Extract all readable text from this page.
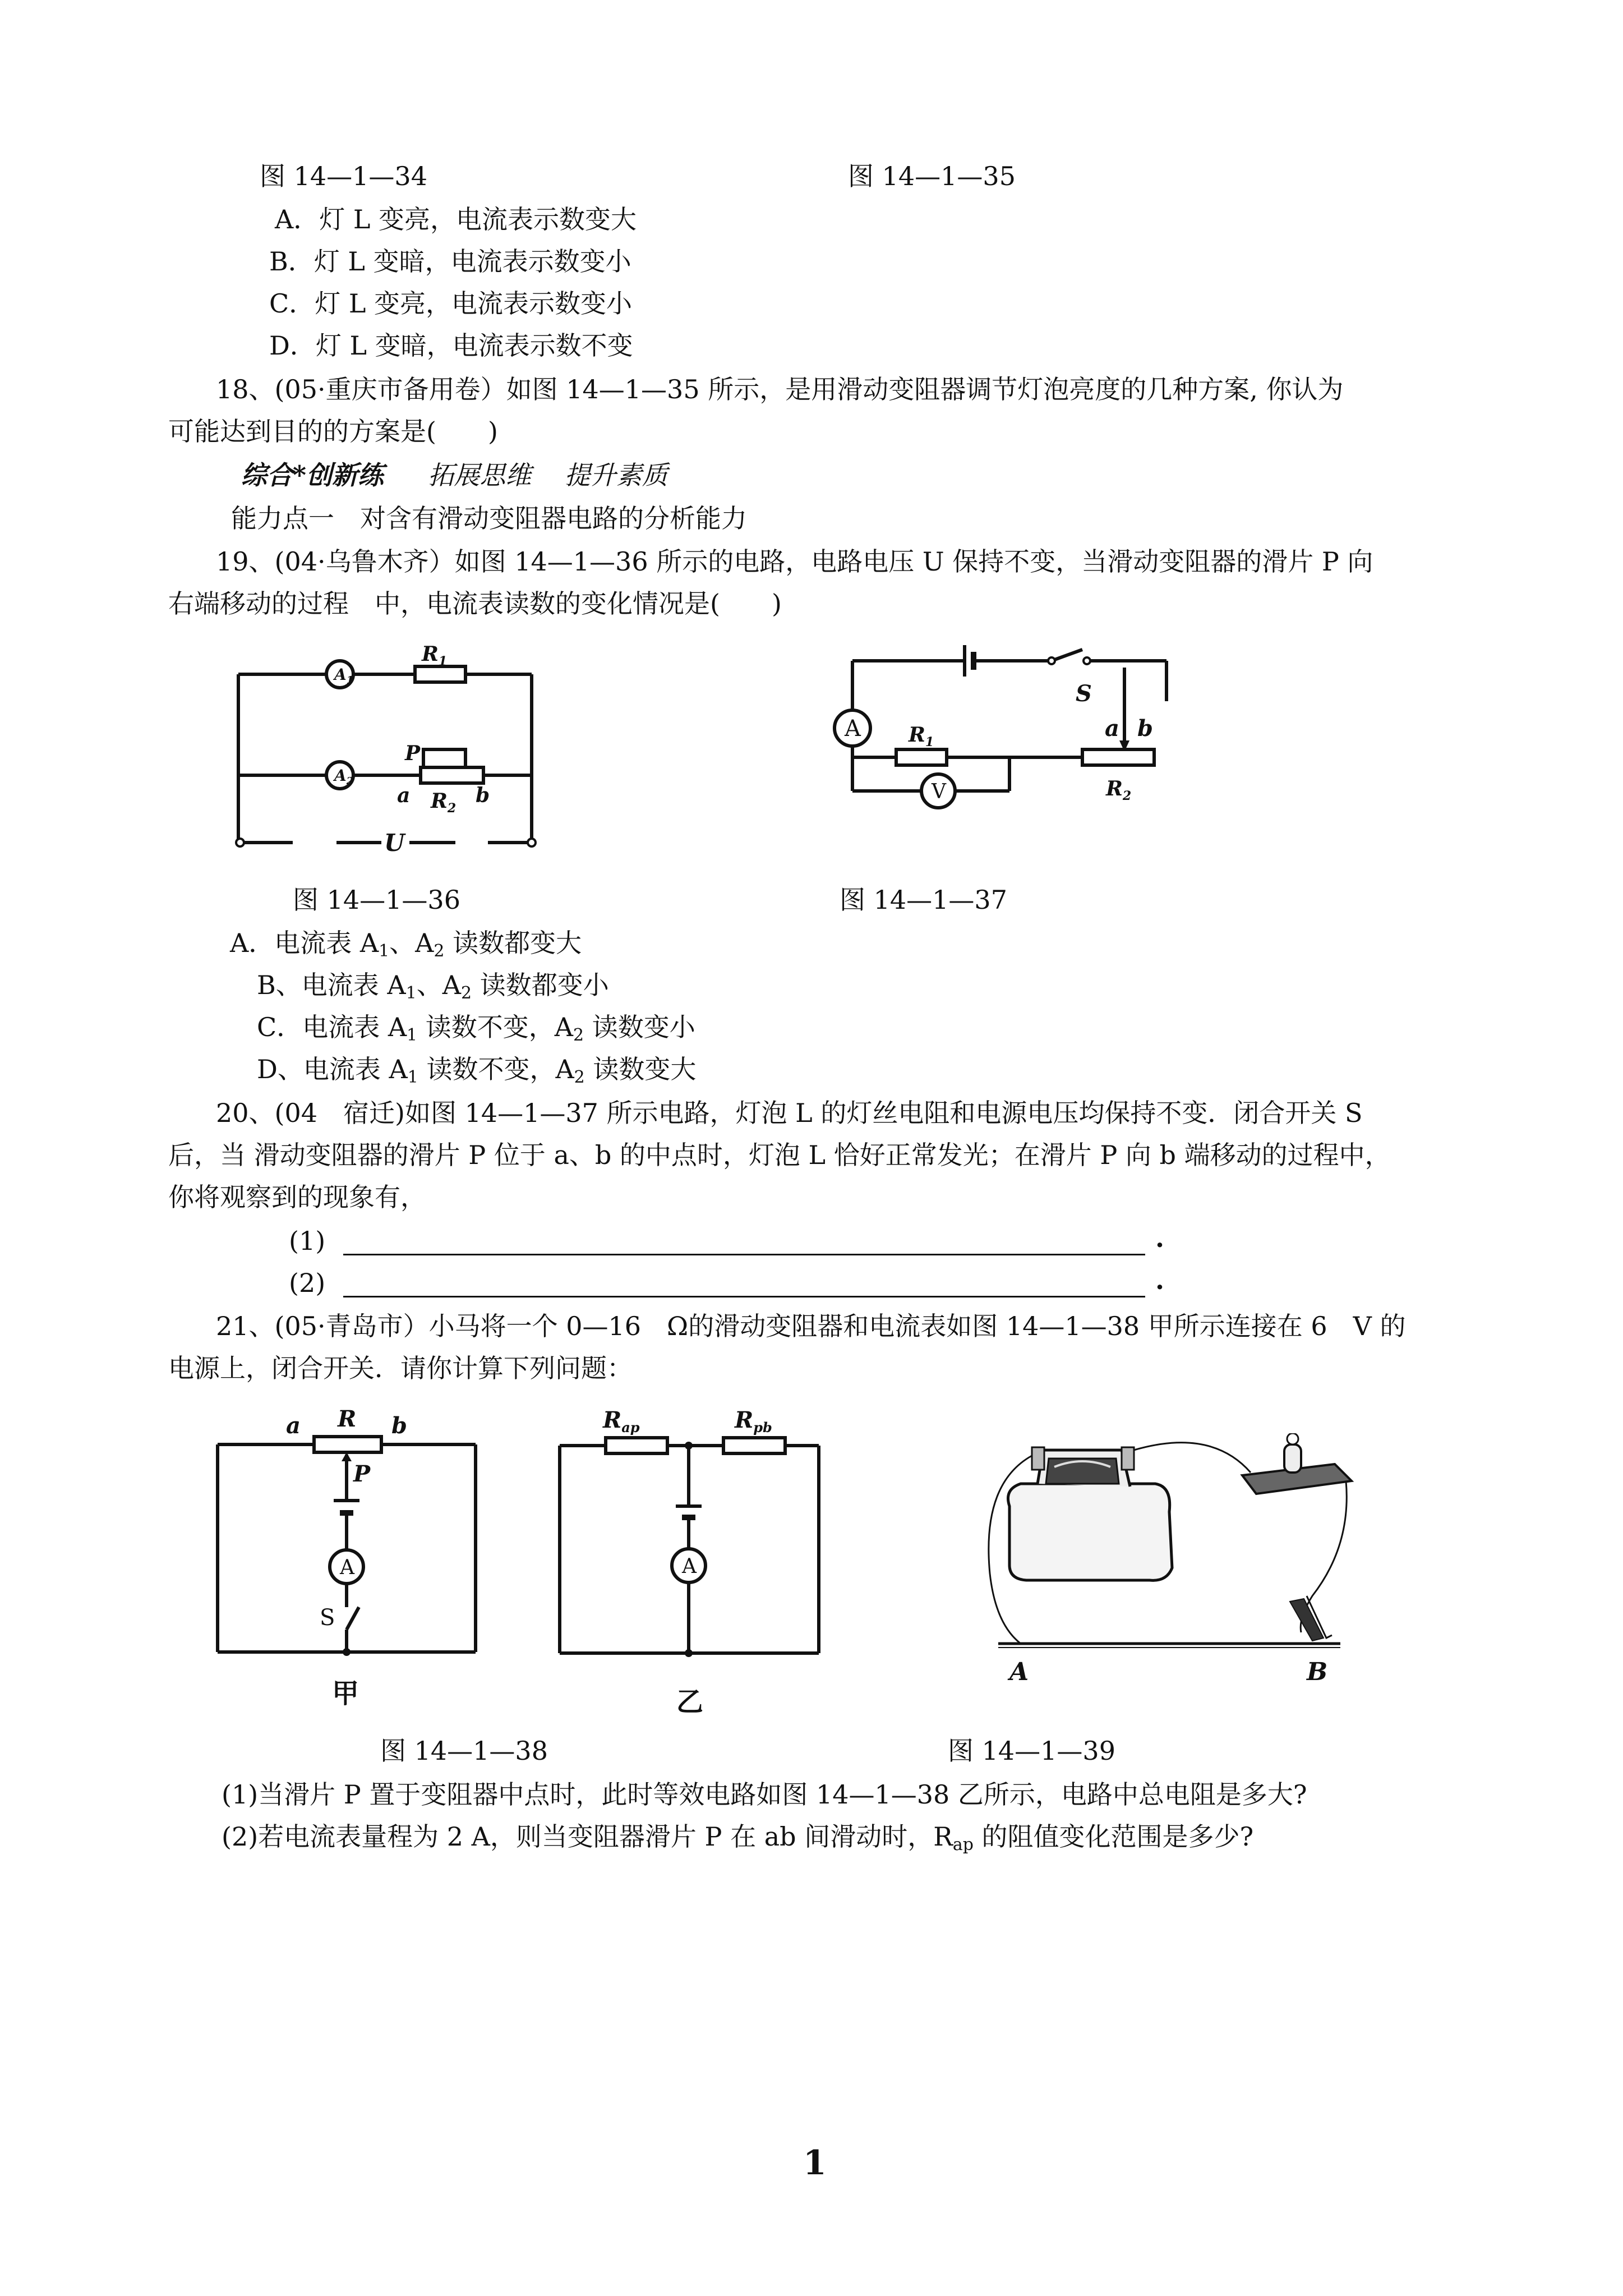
图 14—1—34	图 14—1—35
A．灯 L 变亮，电流表示数变大
B．灯 L 变暗，电流表示数变小
C．灯 L 变亮，电流表示数变小
D．灯 L 变暗，电流表示数不变
18、(05·重庆市备用卷）如图 14—1—35 所示，是用滑动变阻器调节灯泡亮度的几种方案, 你认为
可能达到目的的方案是(　　)
综合*创新练 拓展思维 提升素质
能力点一　对含有滑动变阻器电路的分析能力
19、(04·乌鲁木齐）如图 14—1—36 所示的电路，电路电压 U 保持不变，当滑动变阻器的滑片 P 向
右端移动的过程　中，电流表读数的变化情况是(　　)
$A_1$
$A_2$
$R_1$
$R_2$
P
a	b
U
A
V
S
a b
$R_1$
$R_2$
图 14—1—36	图 14—1—37
A．电流表 $A_1$、$A_2$ 读数都变大
B、电流表 $A_1$、$A_2$ 读数都变小
C．电流表 $A_1$ 读数不变，$A_2$ 读数变小
D、电流表 $A_1$ 读数不变，$A_2$ 读数变大
20、(04　宿迁)如图 14—1—37 所示电路，灯泡 L 的灯丝电阻和电源电压均保持不变．闭合开关 S
后，当 滑动变阻器的滑片 P 位于 a、b 的中点时，灯泡 L 恰好正常发光；在滑片 P 向 b 端移动的过程中，
你将观察到的现象有，
(1)	·
(2)	·
21、(05·青岛市）小马将一个 0—16　Ω的滑动变阻器和电流表如图 14—1—38 甲所示连接在 6　V 的
电源上，闭合开关．请你计算下列问题：
A
a R b
P
S
甲
A
$R_{ap}$	$R_{pb}$
乙
A	B
图 14—1—38	图 14—1—39
(1)当滑片 P 置于变阻器中点时，此时等效电路如图 14—1—38 乙所示，电路中总电阻是多大?
(2)若电流表量程为 2 A，则当变阻器滑片 P 在 ab 间滑动时，$R_{ap}$ 的阻值变化范围是多少?
1
